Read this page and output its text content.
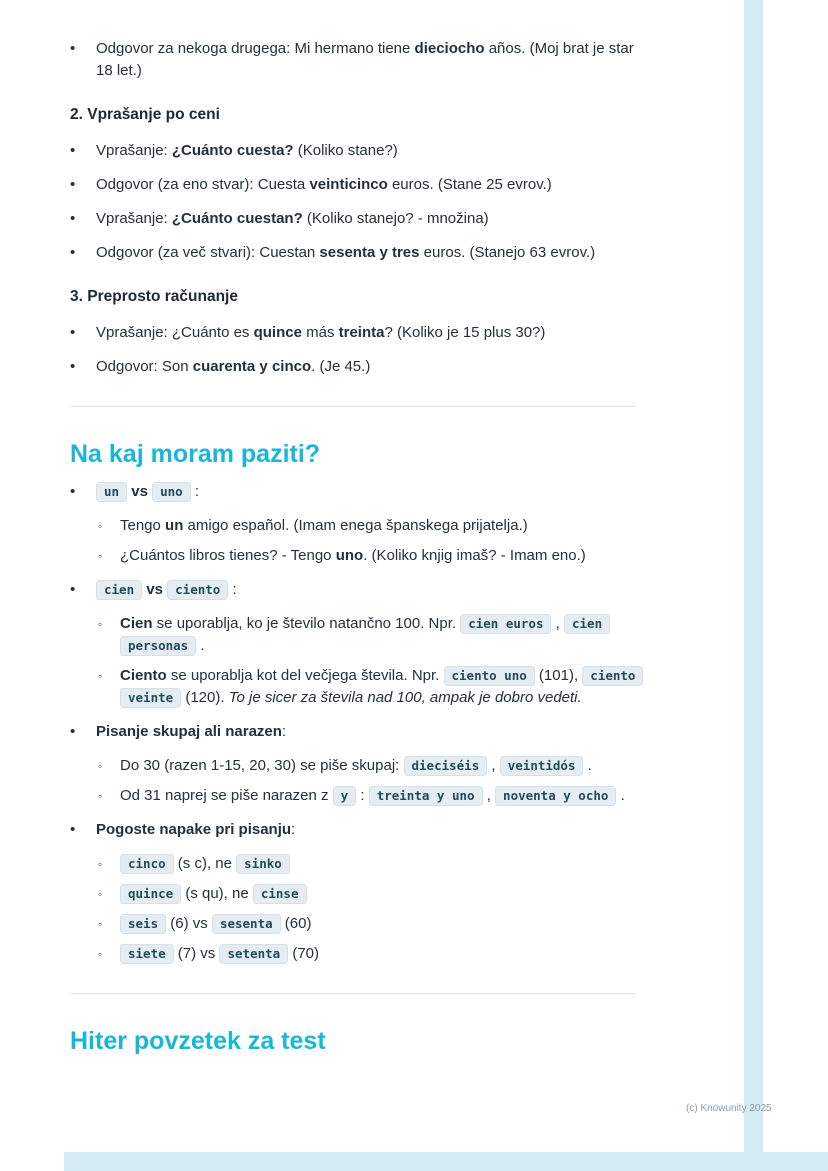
•	Odgovor za nekoga drugega: Mi hermano tiene dieciocho años. (Moj brat je star 18 let.)
2. Vprašanje po ceni
•	Vprašanje: ¿Cuánto cuesta? (Koliko stane?)
•	Odgovor (za eno stvar): Cuesta veinticinco euros. (Stane 25 evrov.)
•	Vprašanje: ¿Cuánto cuestan? (Koliko stanejo? - množina)
•	Odgovor (za več stvari): Cuestan sesenta y tres euros. (Stanejo 63 evrov.)
3. Preprosto računanje
•	Vprašanje: ¿Cuánto es quince más treinta? (Koliko je 15 plus 30?)
•	Odgovor: Son cuarenta y cinco. (Je 45.)
Na kaj moram paziti?
•	un vs uno :
◦	Tengo un amigo español. (Imam enega španskega prijatelja.)
◦	¿Cuántos libros tienes? - Tengo uno. (Koliko knjig imaš? - Imam eno.)
•	cien vs ciento :
◦	Cien se uporablja, ko je število natančno 100. Npr. cien euros , cien personas .
◦	Ciento se uporablja kot del večjega števila. Npr. ciento uno (101), ciento veinte (120). To je sicer za števila nad 100, ampak je dobro vedeti.
•	Pisanje skupaj ali narazen:
◦	Do 30 (razen 1-15, 20, 30) se piše skupaj: dieciséis , veintidós .
◦	Od 31 naprej se piše narazen z y : treinta y uno , noventa y ocho .
•	Pogoste napake pri pisanju:
◦	cinco (s c), ne sinko
◦	quince (s qu), ne cinse
◦	seis (6) vs sesenta (60)
◦	siete (7) vs setenta (70)
Hiter povzetek za test
(c) Knowunity 2025
